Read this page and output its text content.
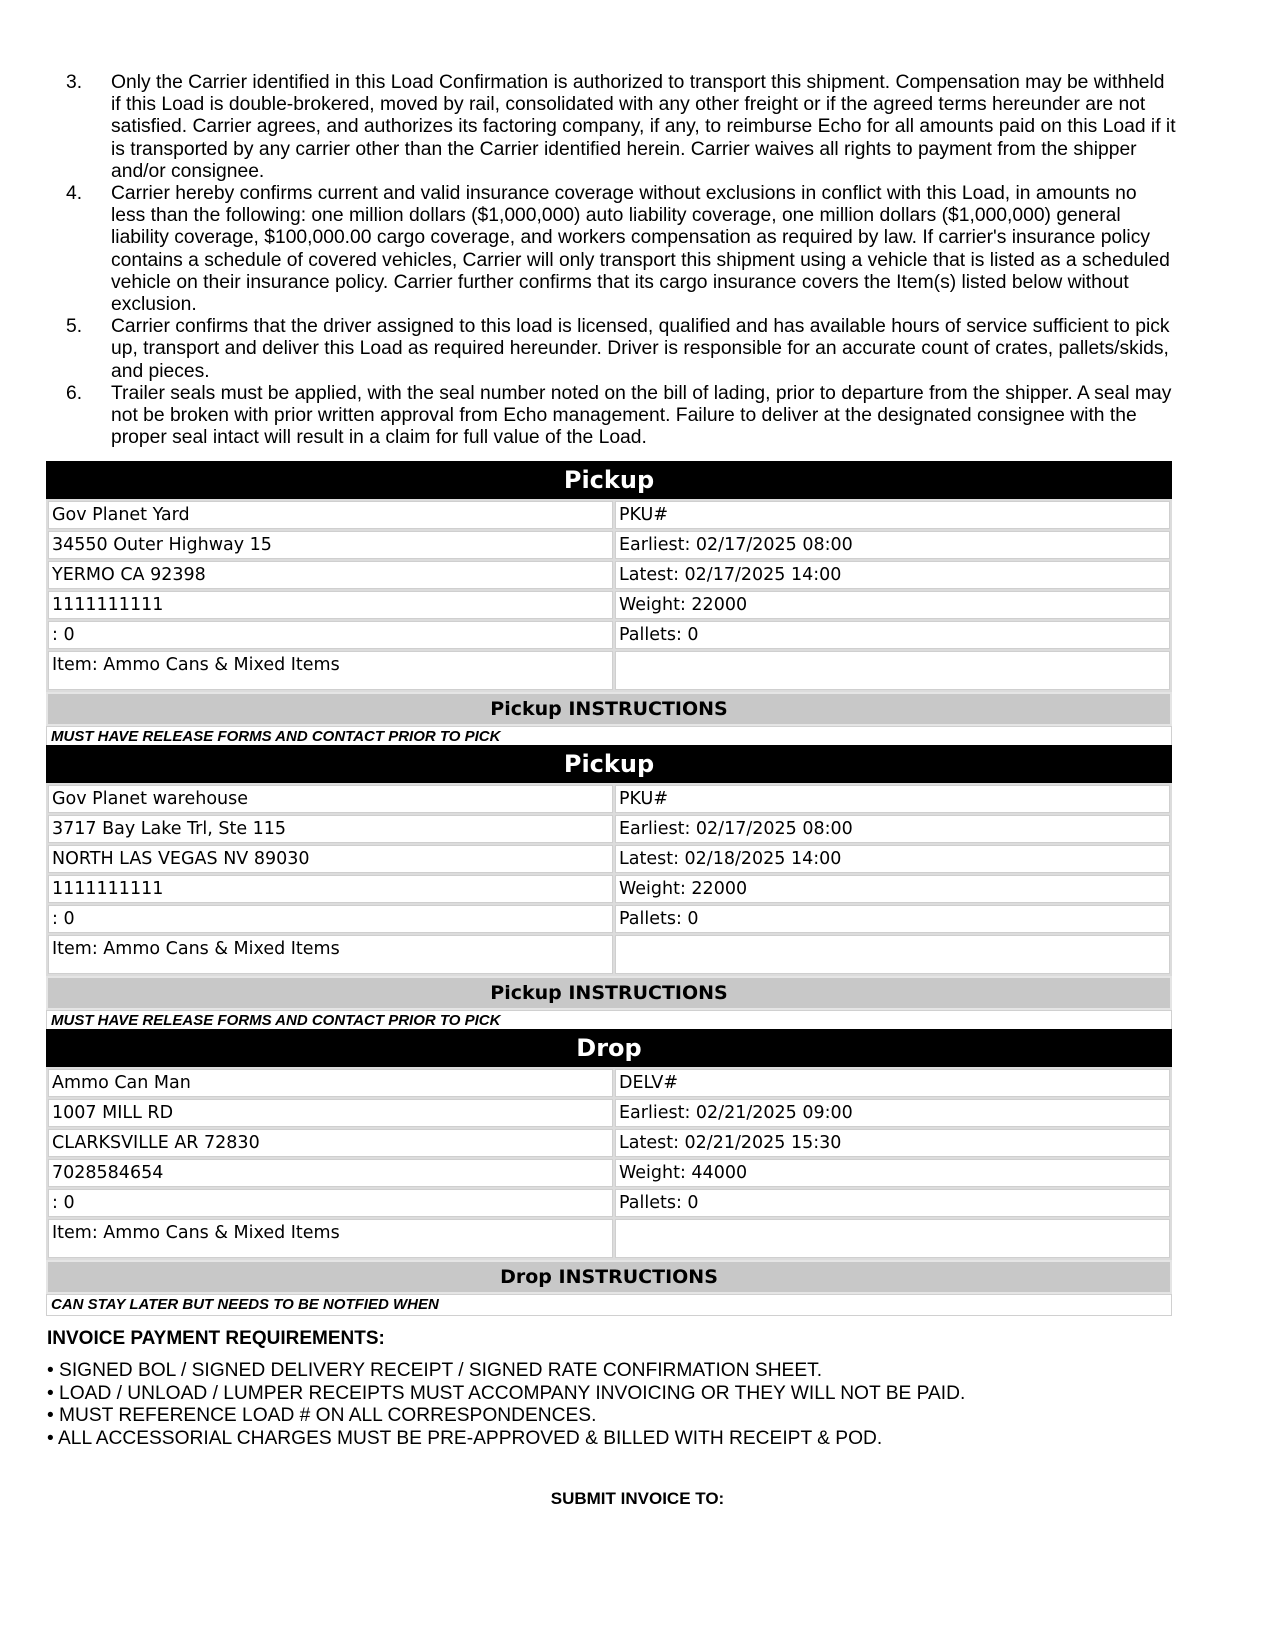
3. Only the Carrier identified in this Load Confirmation is authorized to transport this shipment. Compensation may be withheld if this Load is double-brokered, moved by rail, consolidated with any other freight or if the agreed terms hereunder are not satisfied. Carrier agrees, and authorizes its factoring company, if any, to reimburse Echo for all amounts paid on this Load if it is transported by any carrier other than the Carrier identified herein. Carrier waives all rights to payment from the shipper and/or consignee.
4. Carrier hereby confirms current and valid insurance coverage without exclusions in conflict with this Load, in amounts no less than the following: one million dollars ($1,000,000) auto liability coverage, one million dollars ($1,000,000) general liability coverage, $100,000.00 cargo coverage, and workers compensation as required by law. If carrier's insurance policy contains a schedule of covered vehicles, Carrier will only transport this shipment using a vehicle that is listed as a scheduled vehicle on their insurance policy. Carrier further confirms that its cargo insurance covers the Item(s) listed below without exclusion.
5. Carrier confirms that the driver assigned to this load is licensed, qualified and has available hours of service sufficient to pick up, transport and deliver this Load as required hereunder. Driver is responsible for an accurate count of crates, pallets/skids, and pieces.
6. Trailer seals must be applied, with the seal number noted on the bill of lading, prior to departure from the shipper. A seal may not be broken with prior written approval from Echo management. Failure to deliver at the designated consignee with the proper seal intact will result in a claim for full value of the Load.
Pickup
Gov Planet Yard	PKU#
34550 Outer Highway 15	Earliest: 02/17/2025 08:00
YERMO CA 92398	Latest: 02/17/2025 14:00
1111111111	Weight: 22000
: 0	Pallets: 0
Item: Ammo Cans & Mixed Items	
Pickup INSTRUCTIONS
MUST HAVE RELEASE FORMS AND CONTACT PRIOR TO PICK
Pickup
Gov Planet warehouse	PKU#
3717 Bay Lake Trl, Ste 115	Earliest: 02/17/2025 08:00
NORTH LAS VEGAS NV 89030	Latest: 02/18/2025 14:00
1111111111	Weight: 22000
: 0	Pallets: 0
Item: Ammo Cans & Mixed Items	
Pickup INSTRUCTIONS
MUST HAVE RELEASE FORMS AND CONTACT PRIOR TO PICK
Drop
Ammo Can Man	DELV#
1007 MILL RD	Earliest: 02/21/2025 09:00
CLARKSVILLE AR 72830	Latest: 02/21/2025 15:30
7028584654	Weight: 44000
: 0	Pallets: 0
Item: Ammo Cans & Mixed Items	
Drop INSTRUCTIONS
CAN STAY LATER BUT NEEDS TO BE NOTFIED WHEN
INVOICE PAYMENT REQUIREMENTS:
• SIGNED BOL / SIGNED DELIVERY RECEIPT / SIGNED RATE CONFIRMATION SHEET.
• LOAD / UNLOAD / LUMPER RECEIPTS MUST ACCOMPANY INVOICING OR THEY WILL NOT BE PAID.
• MUST REFERENCE LOAD # ON ALL CORRESPONDENCES.
• ALL ACCESSORIAL CHARGES MUST BE PRE-APPROVED & BILLED WITH RECEIPT & POD.
SUBMIT INVOICE TO:
